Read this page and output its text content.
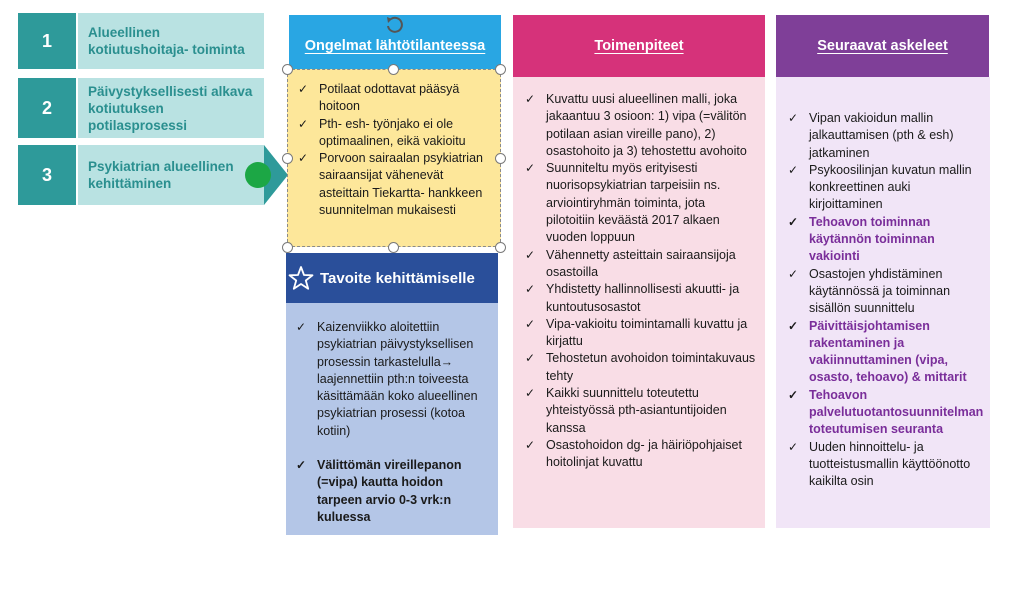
1	Alueellinen kotiutushoitaja- toiminta
2
Päivystyksellisesti alkava kotiutuksen potilasprosessi
3	Psykiatrian alueellinen kehittäminen
Ongelmat lähtötilanteessa
✓ Potilaat odottavat pääsyä hoitoon
✓ Pth- esh- työnjako ei ole optimaalinen, eikä vakioitu
✓ Porvoon sairaalan psykiatrian sairaansijat vähenevät asteittain Tiekartta- hankkeen suunnitelman mukaisesti
Tavoite kehittämiselle
✓ Kaizenviikko aloitettiin psykiatrian päivystyksellisen prosessin tarkastelulla→ laajennettiin pth:n toiveesta käsittämään koko alueellinen psykiatrian prosessi (kotoa kotiin)
✓ Välittömän vireillepanon (=vipa) kautta hoidon tarpeen arvio 0-3 vrk:n kuluessa
Toimenpiteet
✓ Kuvattu uusi alueellinen malli, joka jakaantuu 3 osioon: 1) vipa (=välitön potilaan asian vireille pano), 2) osastohoito ja 3) tehostettu avohoito
✓ Suunniteltu myös erityisesti nuorisopsykiatrian tarpeisiin ns. arviointiryhmän toiminta, jota pilotoitiin keväästä 2017 alkaen vuoden loppuun
✓ Vähennetty asteittain sairaansijoja osastoilla
✓ Yhdistetty hallinnollisesti akuutti- ja kuntoutusosastot
✓ Vipa-vakioitu toimintamalli kuvattu ja kirjattu
✓ Tehostetun avohoidon toimintakuvaus tehty
✓ Kaikki suunnittelu toteutettu yhteistyössä pth-asiantuntijoiden kanssa
✓ Osastohoidon dg- ja häiriöpohjaiset hoitolinjat kuvattu
Seuraavat askeleet
✓ Vipan vakioidun mallin jalkauttamisen (pth & esh) jatkaminen
✓ Psykoosilinjan kuvatun mallin konkreettinen auki kirjoittaminen
✓ Tehoavon toiminnan käytännön toiminnan vakiointi
✓ Osastojen yhdistäminen käytännössä ja toiminnan sisällön suunnittelu
✓ Päivittäisjohtamisen rakentaminen ja vakiinnuttaminen (vipa, osasto, tehoavo) & mittarit
✓ Tehoavon palvelutuotantosuunnitelman toteutumisen seuranta
✓ Uuden hinnoittelu- ja tuotteistusmallin käyttöönotto kaikilta osin
